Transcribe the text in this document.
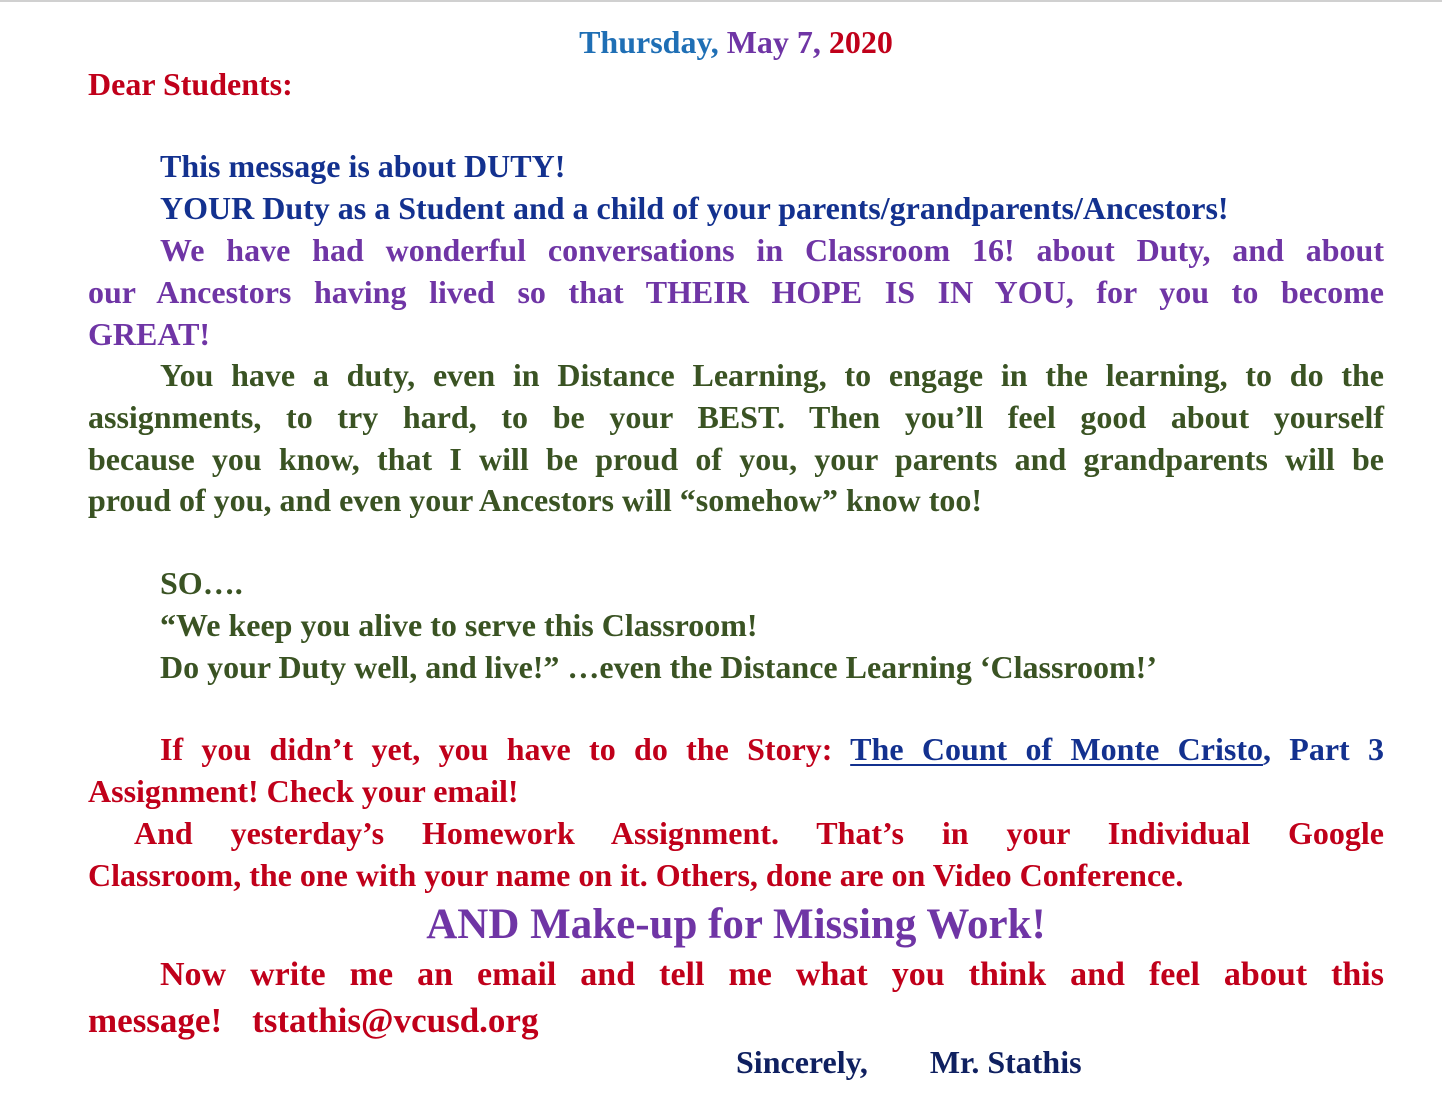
Thursday, May 7, 2020
Dear Students:
This message is about DUTY!
YOUR Duty as a Student and a child of your parents/grandparents/Ancestors!
We have had wonderful conversations in Classroom 16! about Duty, and about
our Ancestors having lived so that THEIR HOPE IS IN YOU, for you to become
GREAT!
You have a duty, even in Distance Learning, to engage in the learning, to do the
assignments, to try hard, to be your BEST. Then you’ll feel good about yourself
because you know, that I will be proud of you, your parents and grandparents will be
proud of you, and even your Ancestors will “somehow” know too!
SO….
“We keep you alive to serve this Classroom!
Do your Duty well, and live!” …even the Distance Learning ‘Classroom!’
If you didn’t yet, you have to do the Story: The Count of Monte Cristo, Part 3
Assignment! Check your email!
And yesterday’s Homework Assignment. That’s in your Individual Google
Classroom, the one with your name on it. Others, done are on Video Conference.
AND Make-up for Missing Work!
Now write me an email and tell me what you think and feel about this
message! tstathis@vcusd.org
Sincerely, Mr. Stathis
